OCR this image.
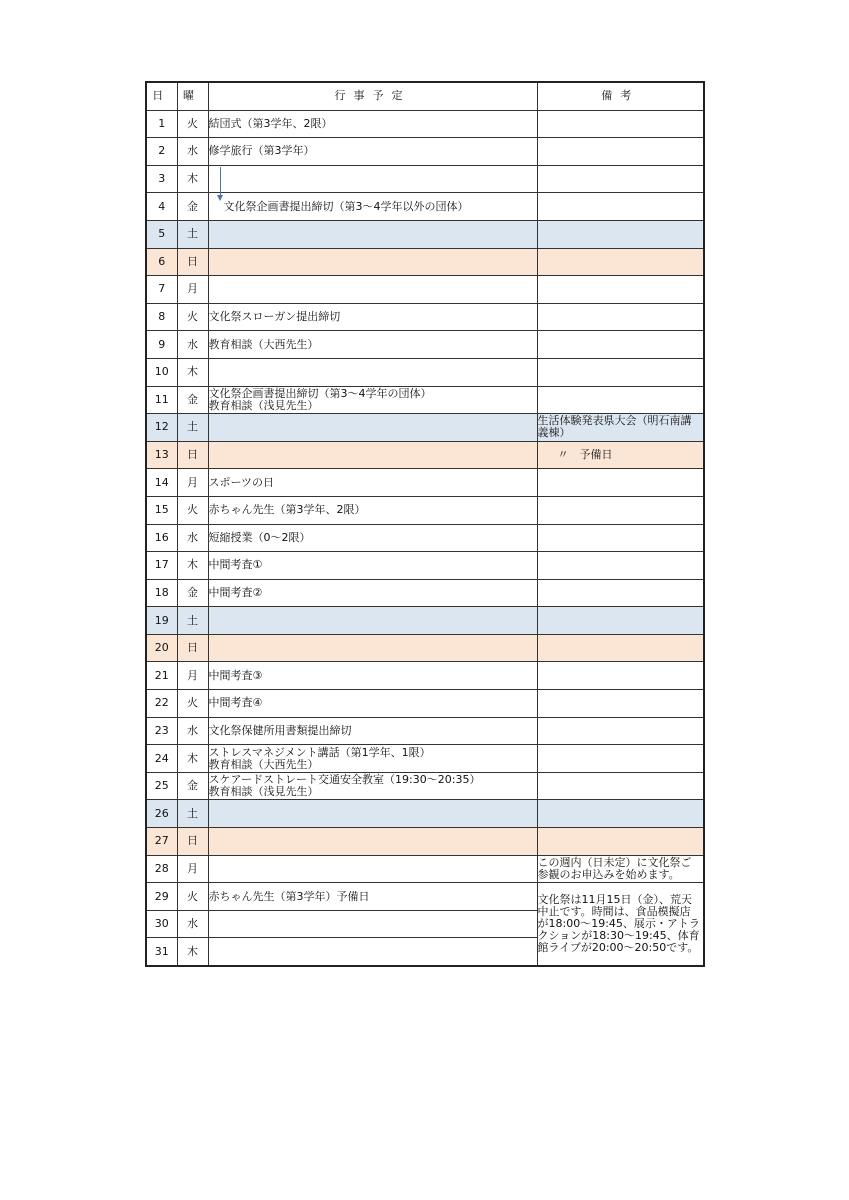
日	曜	行事予定	備考
1	火	結団式（第3学年、2限）	

2	水	修学旅行（第3学年）	

3	木		
4	金	文化祭企画書提出締切（第3～4学年以外の団体）	

5	土		
6	日		
7	月		
8	火	文化祭スローガン提出締切	

9	水	教育相談（大西先生）	

10	木		
11	金	文化祭企画書提出締切（第3～4学年の団体）
教育相談（浅見先生）	

12	土		生活体験発表県大会（明石南講
義棟）

13	日		〃　予備日

14	月	スポーツの日	

15	火	赤ちゃん先生（第3学年、2限）	

16	水	短縮授業（0～2限）	

17	木	中間考査①	

18	金	中間考査②	

19	土		
20	日		
21	月	中間考査③	

22	火	中間考査④	

23	水	文化祭保健所用書類提出締切	

24	木	ストレスマネジメント講話（第1学年、1限）
教育相談（大西先生）	

25	金	スケアードストレート交通安全教室（19:30～20:35）
教育相談（浅見先生）	

26	土		
27	日		
28	月		この週内（日未定）に文化祭ご
参観のお申込みを始めます。

29	火	赤ちゃん先生（第3学年）予備日	文化祭は11月15日（金）、荒天
中止です。時間は、食品模擬店
が18:00～19:45、展示・アトラ
クションが18:30～19:45、体育
館ライブが20:00～20:50です。

30	水		
31	木		
